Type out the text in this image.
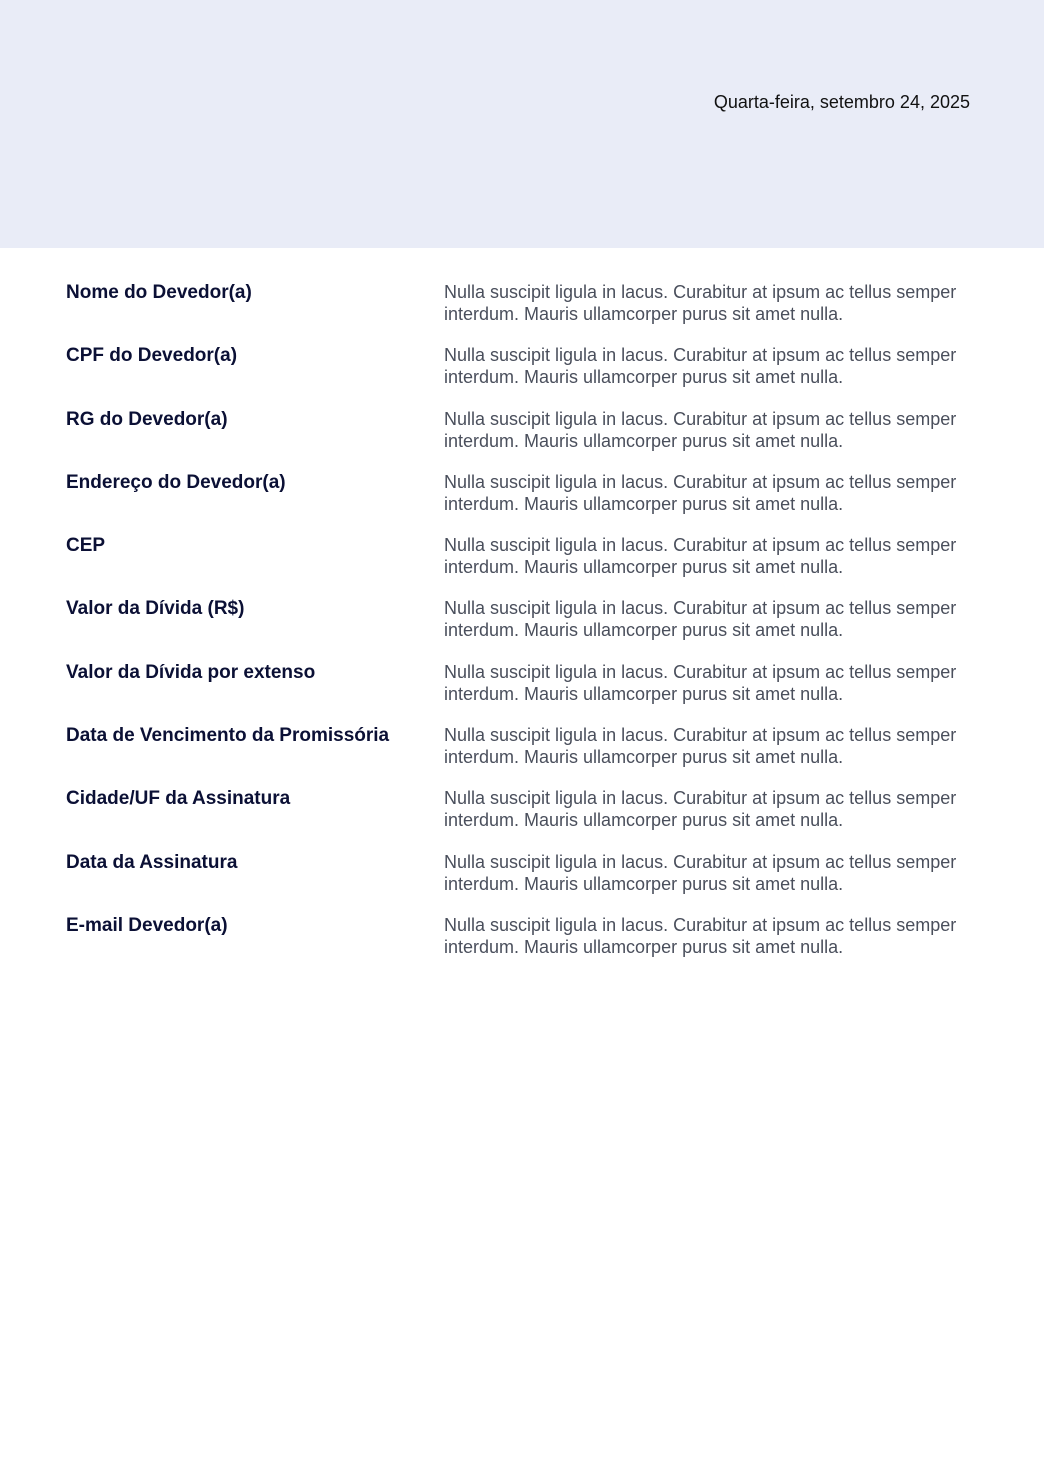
Quarta-feira, setembro 24, 2025
Nome do Devedor(a)	Nulla suscipit ligula in lacus. Curabitur at ipsum ac tellus semper interdum. Mauris ullamcorper purus sit amet nulla.
CPF do Devedor(a)	Nulla suscipit ligula in lacus. Curabitur at ipsum ac tellus semper interdum. Mauris ullamcorper purus sit amet nulla.
RG do Devedor(a)	Nulla suscipit ligula in lacus. Curabitur at ipsum ac tellus semper interdum. Mauris ullamcorper purus sit amet nulla.
Endereço do Devedor(a)	Nulla suscipit ligula in lacus. Curabitur at ipsum ac tellus semper interdum. Mauris ullamcorper purus sit amet nulla.
CEP	Nulla suscipit ligula in lacus. Curabitur at ipsum ac tellus semper interdum. Mauris ullamcorper purus sit amet nulla.
Valor da Dívida (R$)	Nulla suscipit ligula in lacus. Curabitur at ipsum ac tellus semper interdum. Mauris ullamcorper purus sit amet nulla.
Valor da Dívida por extenso	Nulla suscipit ligula in lacus. Curabitur at ipsum ac tellus semper interdum. Mauris ullamcorper purus sit amet nulla.
Data de Vencimento da Promissória	Nulla suscipit ligula in lacus. Curabitur at ipsum ac tellus semper interdum. Mauris ullamcorper purus sit amet nulla.
Cidade/UF da Assinatura	Nulla suscipit ligula in lacus. Curabitur at ipsum ac tellus semper interdum. Mauris ullamcorper purus sit amet nulla.
Data da Assinatura	Nulla suscipit ligula in lacus. Curabitur at ipsum ac tellus semper interdum. Mauris ullamcorper purus sit amet nulla.
E-mail Devedor(a)	Nulla suscipit ligula in lacus. Curabitur at ipsum ac tellus semper interdum. Mauris ullamcorper purus sit amet nulla.
